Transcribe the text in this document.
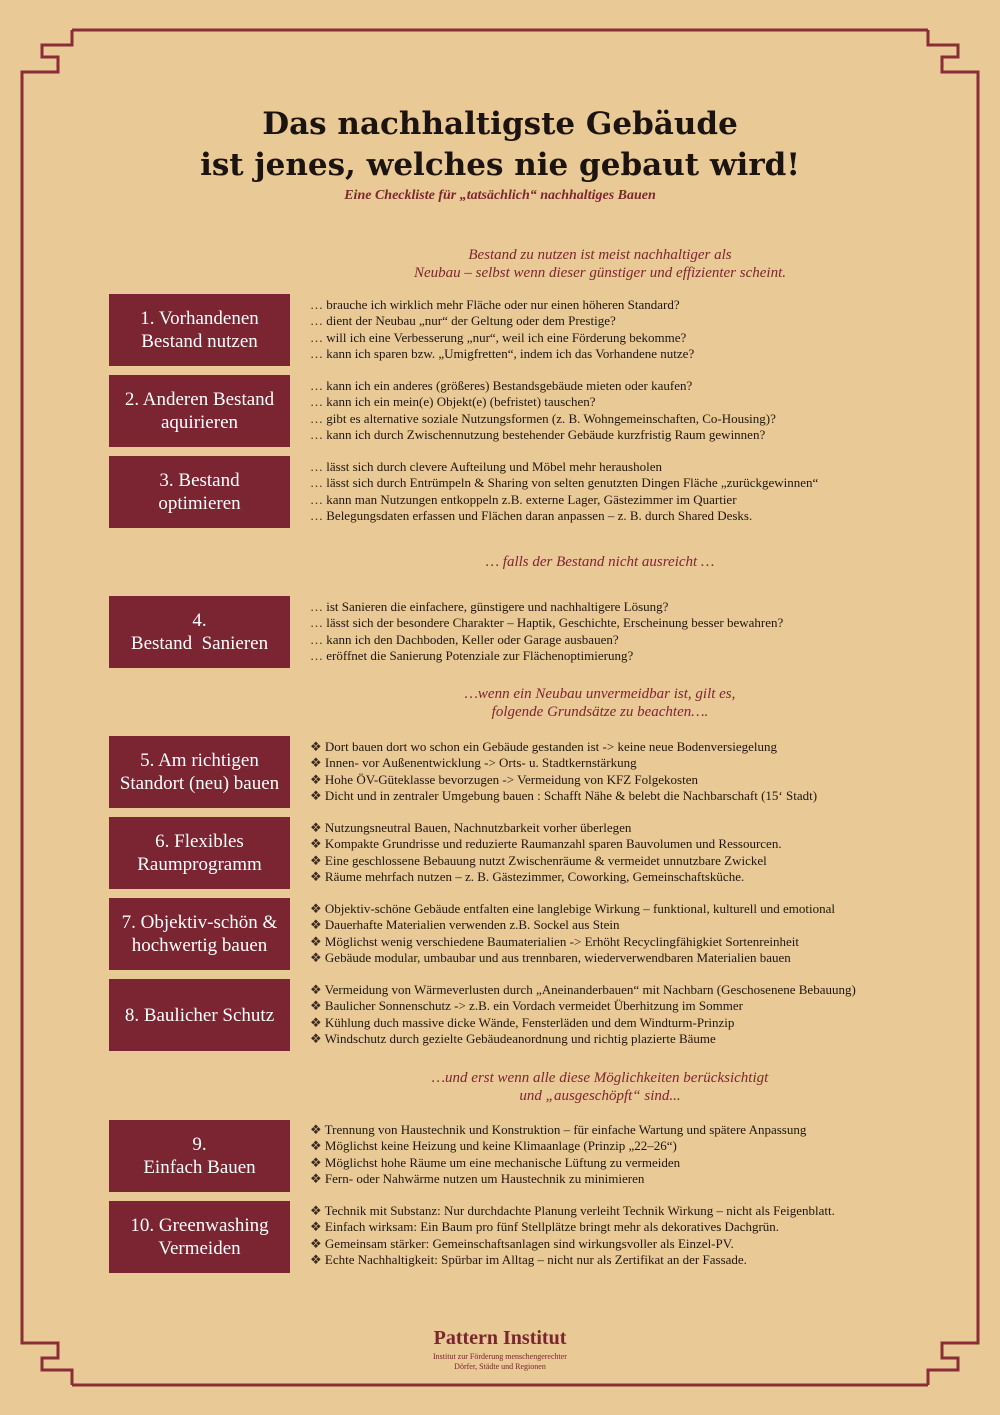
Das nachhaltigste Gebäude
ist jenes, welches nie gebaut wird!
Eine Checkliste für „tatsächlich“ nachhaltiges Bauen
Bestand zu nutzen ist meist nachhaltiger als
Neubau – selbst wenn dieser günstiger und effizienter scheint.
… falls der Bestand nicht ausreicht …
…wenn ein Neubau unvermeidbar ist, gilt es,
folgende Grundsätze zu beachten….
…und erst wenn alle diese Möglichkeiten berücksichtigt
und „ausgeschöpft“ sind...
1. Vorhandenen
Bestand nutzen
… brauche ich wirklich mehr Fläche oder nur einen höheren Standard?
… dient der Neubau „nur“ der Geltung oder dem Prestige?
… will ich eine Verbesserung „nur“, weil ich eine Förderung bekomme?
… kann ich sparen bzw. „Umigfretten“, indem ich das Vorhandene nutze?
2. Anderen Bestand
aquirieren
… kann ich ein anderes (größeres) Bestandsgebäude mieten oder kaufen?
… kann ich ein mein(e) Objekt(e) (befristet) tauschen?
… gibt es alternative soziale Nutzungsformen (z. B. Wohngemeinschaften, Co-Housing)?
… kann ich durch Zwischennutzung bestehender Gebäude kurzfristig Raum gewinnen?
3. Bestand
optimieren
… lässt sich durch clevere Aufteilung und Möbel mehr herausholen
… lässt sich durch Entrümpeln & Sharing von selten genutzten Dingen Fläche „zurückgewinnen“
… kann man Nutzungen entkoppeln z.B. externe Lager, Gästezimmer im Quartier
… Belegungsdaten erfassen und Flächen daran anpassen – z. B. durch Shared Desks.
4.
Bestand  Sanieren
… ist Sanieren die einfachere, günstigere und nachhaltigere Lösung?
… lässt sich der besondere Charakter – Haptik, Geschichte, Erscheinung besser bewahren?
… kann ich den Dachboden, Keller oder Garage ausbauen?
… eröffnet die Sanierung Potenziale zur Flächenoptimierung?
5. Am richtigen
Standort (neu) bauen
❖ Dort bauen dort wo schon ein Gebäude gestanden ist -> keine neue Bodenversiegelung
❖ Innen- vor Außenentwicklung -> Orts- u. Stadtkernstärkung
❖ Hohe ÖV-Güteklasse bevorzugen -> Vermeidung von KFZ Folgekosten
❖ Dicht und in zentraler Umgebung bauen : Schafft Nähe & belebt die Nachbarschaft (15‘ Stadt)
6. Flexibles
Raumprogramm
❖ Nutzungsneutral Bauen, Nachnutzbarkeit vorher überlegen
❖ Kompakte Grundrisse und reduzierte Raumanzahl sparen Bauvolumen und Ressourcen.
❖ Eine geschlossene Bebauung nutzt Zwischenräume & vermeidet unnutzbare Zwickel
❖ Räume mehrfach nutzen – z. B. Gästezimmer, Coworking, Gemeinschaftsküche.
7. Objektiv-schön &
hochwertig bauen
❖ Objektiv-schöne Gebäude entfalten eine langlebige Wirkung – funktional, kulturell und emotional
❖ Dauerhafte Materialien verwenden z.B. Sockel aus Stein
❖ Möglichst wenig verschiedene Baumaterialien -> Erhöht Recyclingfähigkiet Sortenreinheit
❖ Gebäude modular, umbaubar und aus trennbaren, wiederverwendbaren Materialien bauen
8. Baulicher Schutz
❖ Vermeidung von Wärmeverlusten durch „Aneinanderbauen“ mit Nachbarn (Geschosenene Bebauung)
❖ Baulicher Sonnenschutz -> z.B. ein Vordach vermeidet Überhitzung im Sommer
❖ Kühlung duch massive dicke Wände, Fensterläden und dem Windturm-Prinzip
❖ Windschutz durch gezielte Gebäudeanordnung und richtig plazierte Bäume
9.
Einfach Bauen
❖ Trennung von Haustechnik und Konstruktion – für einfache Wartung und spätere Anpassung
❖ Möglichst keine Heizung und keine Klimaanlage (Prinzip „22–26“)
❖ Möglichst hohe Räume um eine mechanische Lüftung zu vermeiden
❖ Fern- oder Nahwärme nutzen um Haustechnik zu minimieren
10. Greenwashing
Vermeiden
❖ Technik mit Substanz: Nur durchdachte Planung verleiht Technik Wirkung – nicht als Feigenblatt.
❖ Einfach wirksam: Ein Baum pro fünf Stellplätze bringt mehr als dekoratives Dachgrün.
❖ Gemeinsam stärker: Gemeinschaftsanlagen sind wirkungsvoller als Einzel-PV.
❖ Echte Nachhaltigkeit: Spürbar im Alltag – nicht nur als Zertifikat an der Fassade.
Pattern Institut
Institut zur Förderung menschengerechter
Dörfer, Städte und Regionen
